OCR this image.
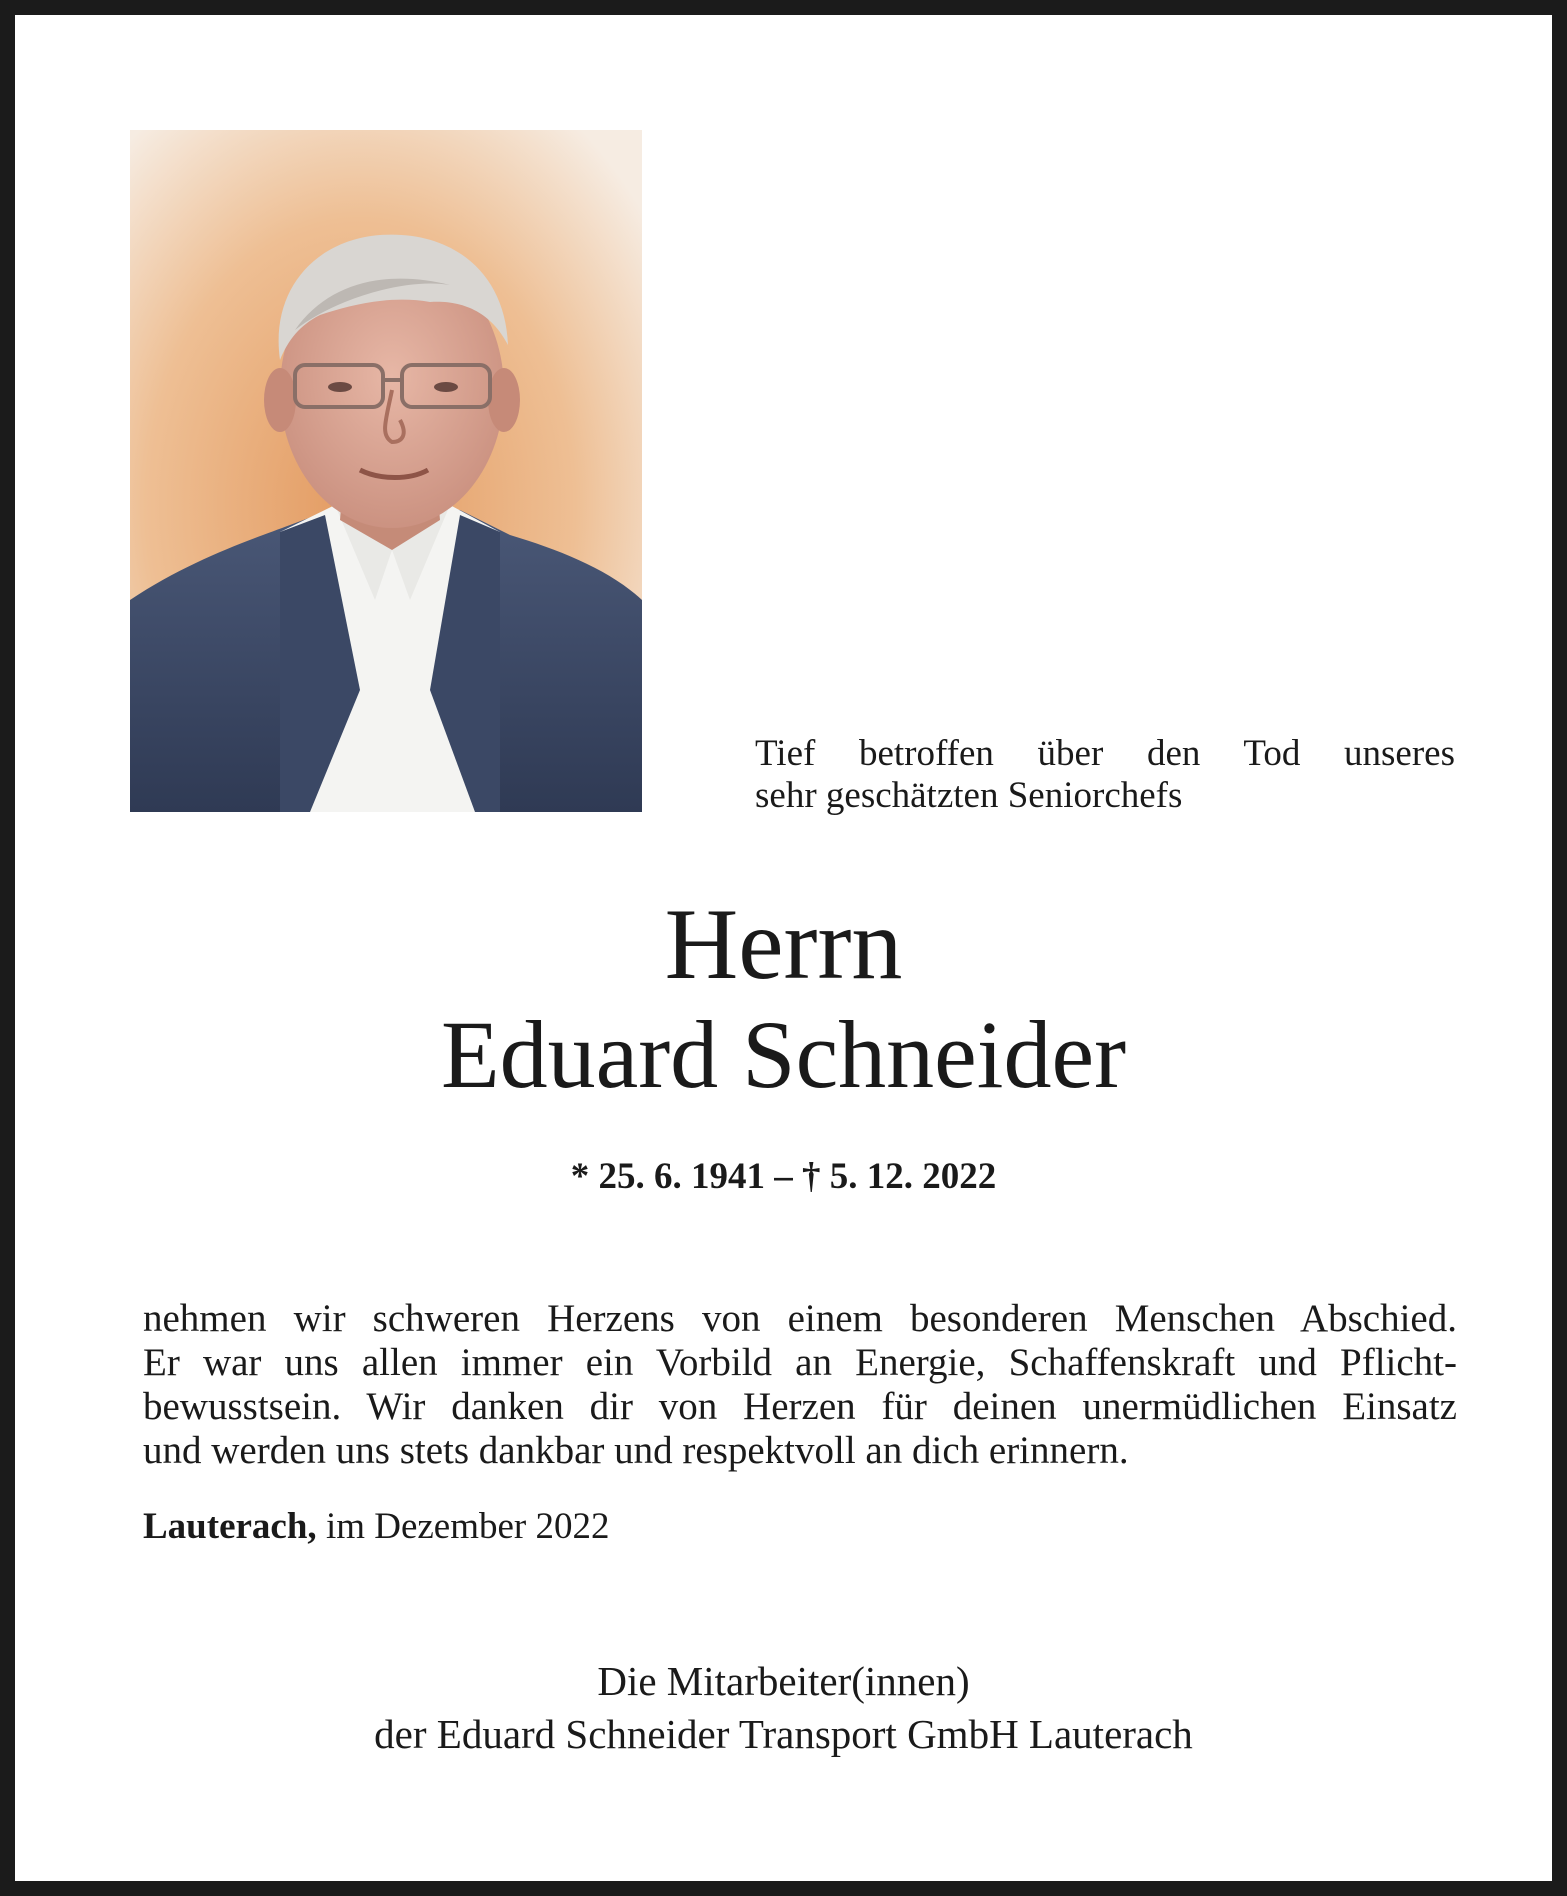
Tief betroffen über den Tod unseres
sehr geschätzten Seniorchefs

Herrn
Eduard Schneider

* 25. 6. 1941 – † 5. 12. 2022

nehmen wir schweren Herzens von einem besonderen Menschen Abschied.
Er war uns allen immer ein Vorbild an Energie, Schaffenskraft und Pflicht-
bewusstsein. Wir danken dir von Herzen für deinen unermüdlichen Einsatz
und werden uns stets dankbar und respektvoll an dich erinnern.

Lauterach, im Dezember 2022

Die Mitarbeiter(innen)
der Eduard Schneider Transport GmbH Lauterach
